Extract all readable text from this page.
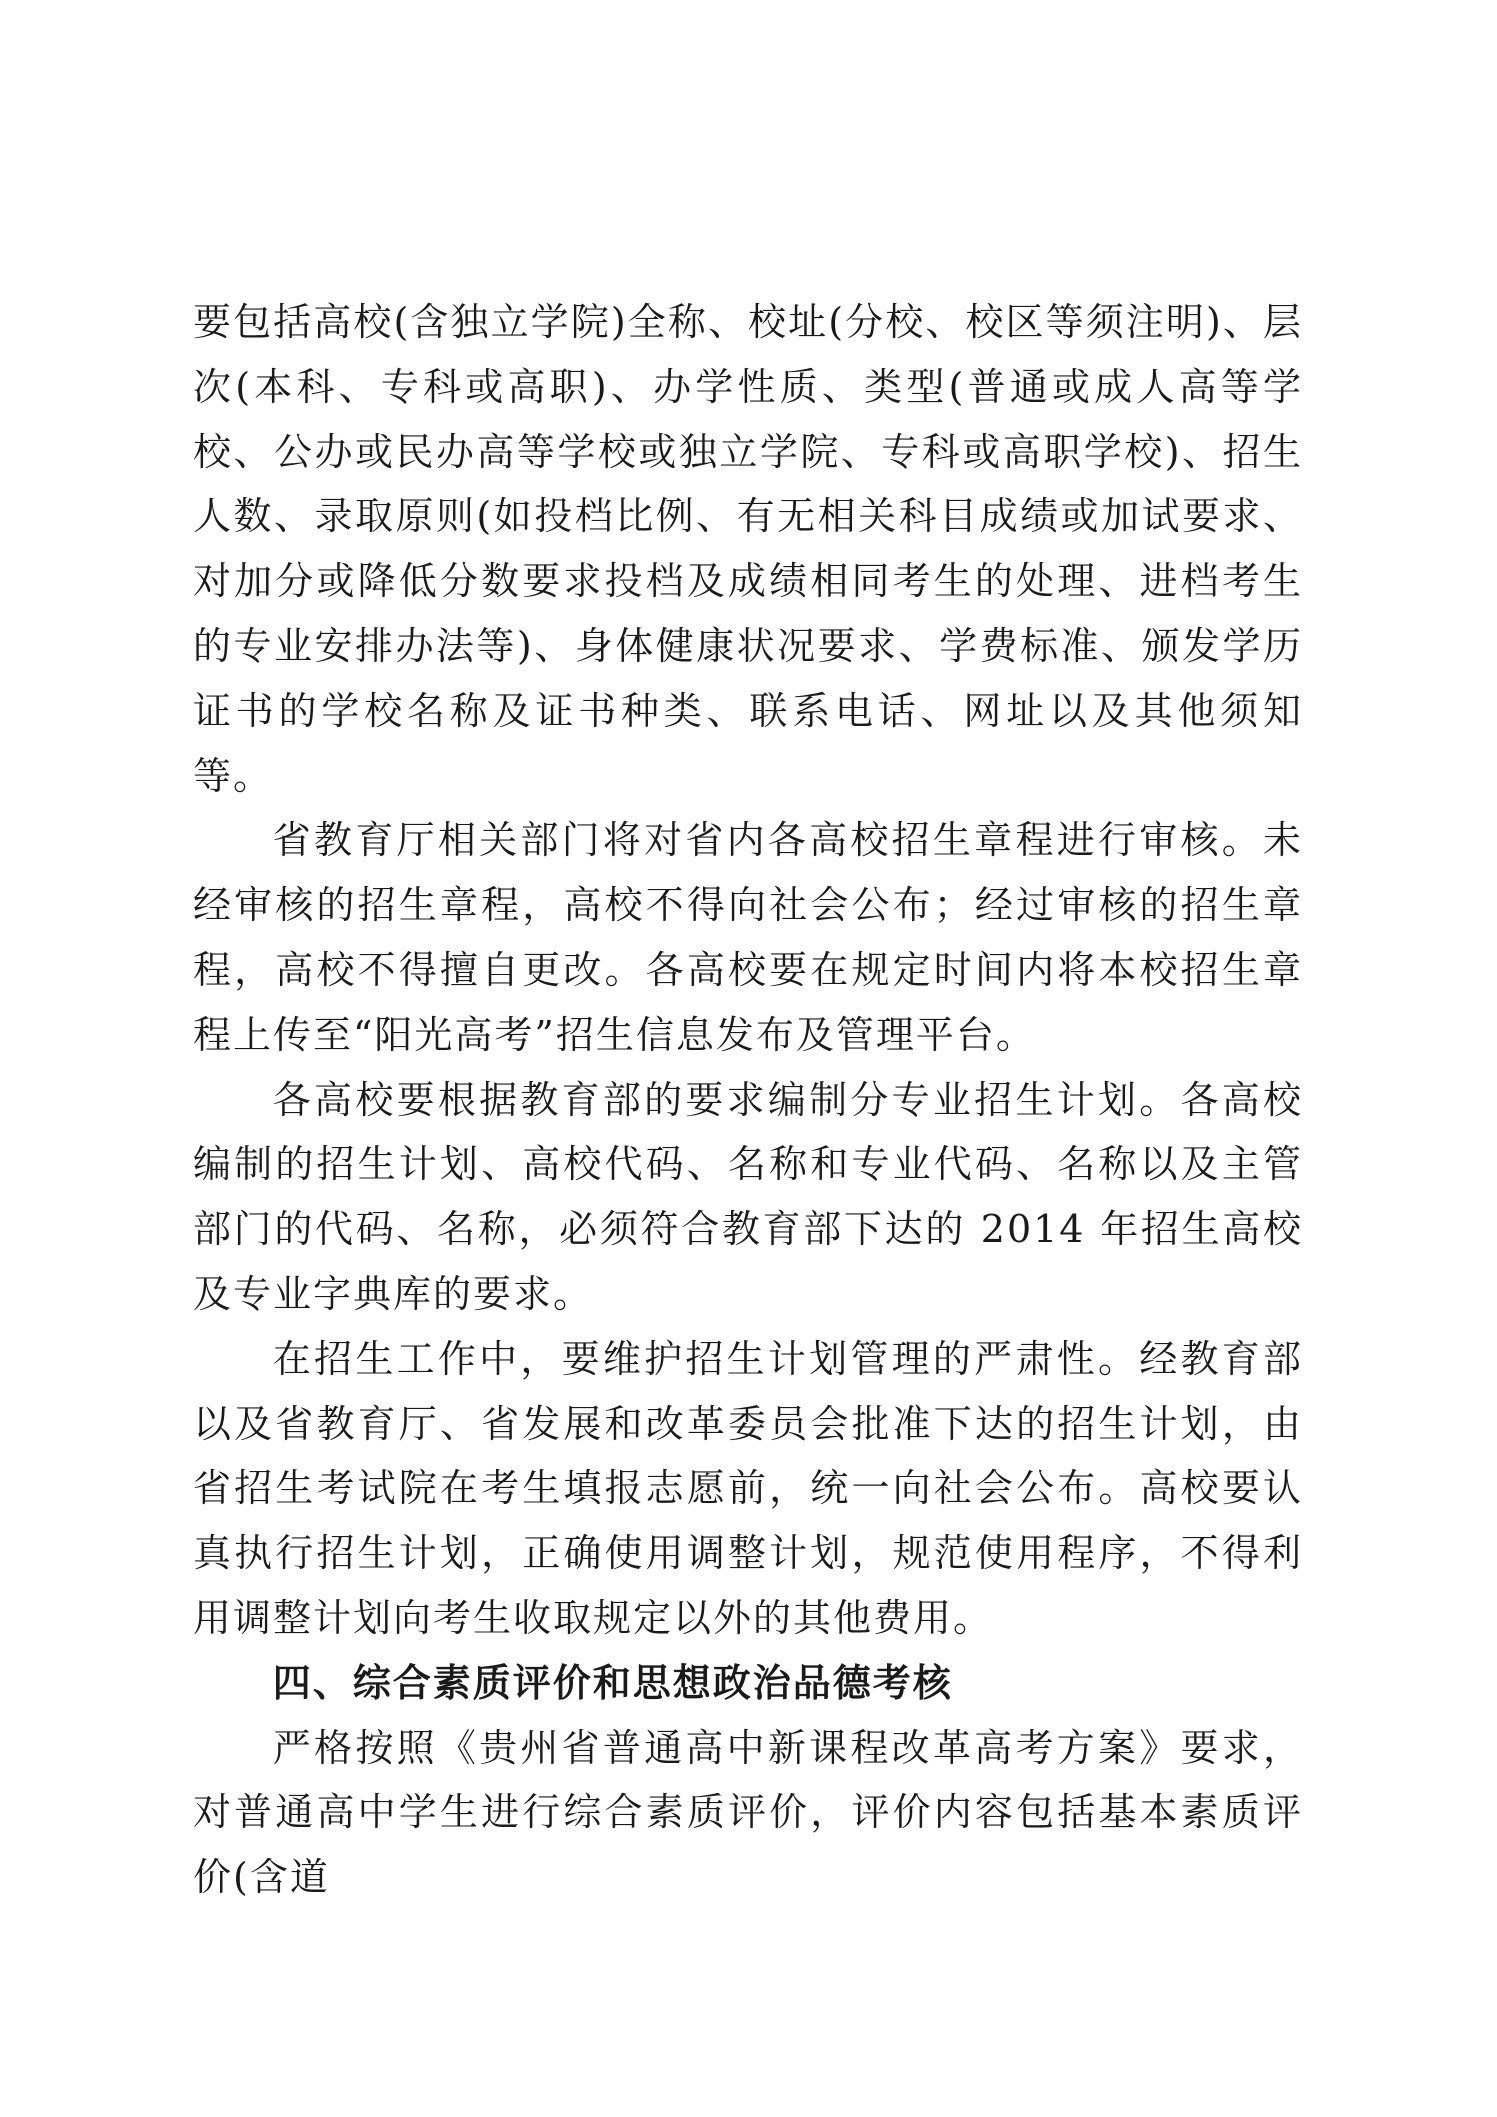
要包括高校(含独立学院)全称、校址(分校、校区等须注明)、层次(本科、专科或高职)、办学性质、类型(普通或成人高等学校、公办或民办高等学校或独立学院、专科或高职学校)、招生人数、录取原则(如投档比例、有无相关科目成绩或加试要求、对加分或降低分数要求投档及成绩相同考生的处理、进档考生的专业安排办法等)、身体健康状况要求、学费标准、颁发学历证书的学校名称及证书种类、联系电话、网址以及其他须知等。

省教育厅相关部门将对省内各高校招生章程进行审核。未经审核的招生章程，高校不得向社会公布；经过审核的招生章程，高校不得擅自更改。各高校要在规定时间内将本校招生章程上传至“阳光高考”招生信息发布及管理平台。

各高校要根据教育部的要求编制分专业招生计划。各高校编制的招生计划、高校代码、名称和专业代码、名称以及主管部门的代码、名称，必须符合教育部下达的 2014 年招生高校及专业字典库的要求。

在招生工作中，要维护招生计划管理的严肃性。经教育部以及省教育厅、省发展和改革委员会批准下达的招生计划，由省招生考试院在考生填报志愿前，统一向社会公布。高校要认真执行招生计划，正确使用调整计划，规范使用程序，不得利用调整计划向考生收取规定以外的其他费用。

四、综合素质评价和思想政治品德考核

严格按照《贵州省普通高中新课程改革高考方案》要求，对普通高中学生进行综合素质评价，评价内容包括基本素质评价(含道
